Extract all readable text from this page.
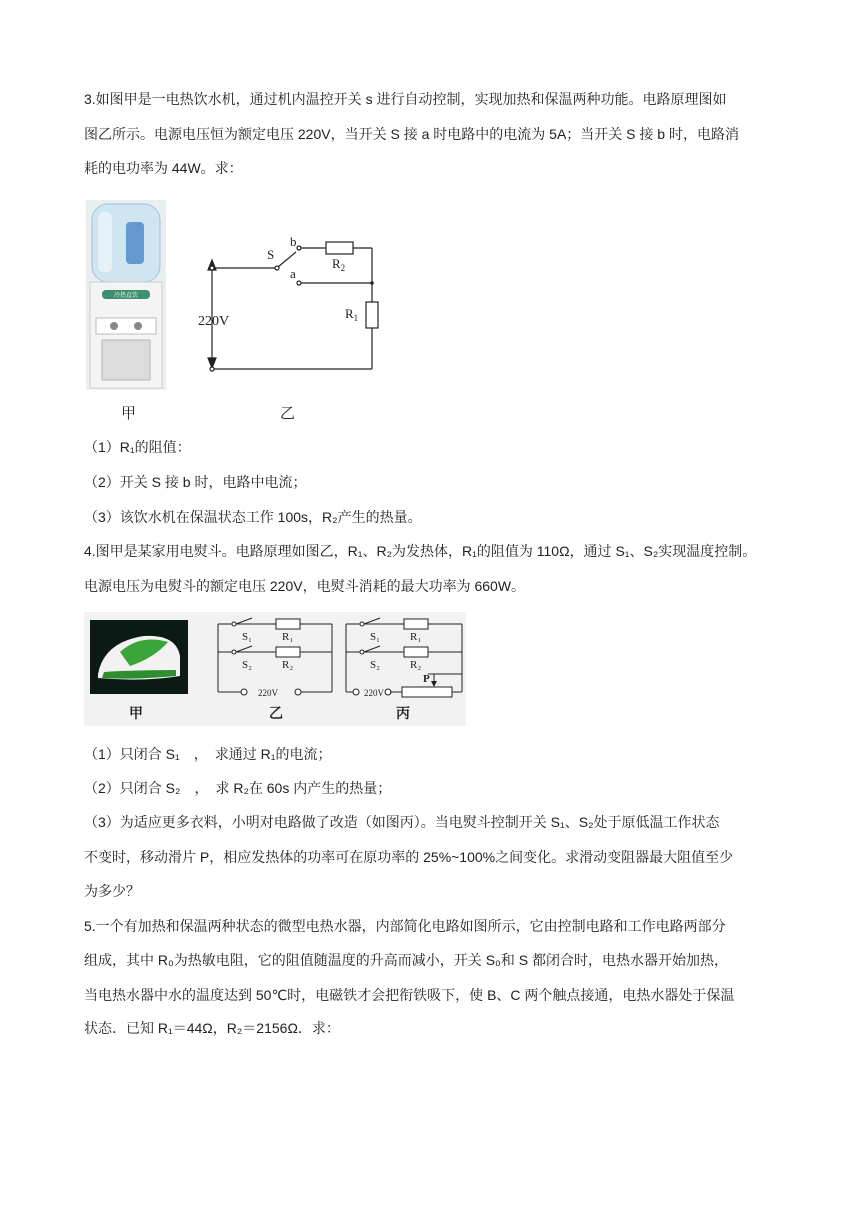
3.如图甲是一电热饮水机，通过机内温控开关 s 进行自动控制，实现加热和保温两种功能。电路原理图如
图乙所示。电源电压恒为额定电压 220V，当开关 S 接 a 时电路中的电流为 5A；当开关 S 接 b 时，电路消
耗的电功率为 44W。求：
冷热直饮
甲
220V
S
b
a
$R_2$
$R_1$
乙
（1）R₁的阻值：
（2）开关 S 接 b 时，电路中电流；
（3）该饮水机在保温状态工作 100s，R₂产生的热量。
4.图甲是某家用电熨斗。电路原理如图乙，R₁、R₂为发热体，R₁的阻值为 110Ω，通过 S₁、S₂实现温度控制。
电源电压为电熨斗的额定电压 220V，电熨斗消耗的最大功率为 660W。
甲
S₁	R₁
S₂	R₂
220V
乙
S₁	R₁
S₂	R₂
220V
P
丙
（1）只闭合 S₁　，　求通过 R₁的电流；
（2）只闭合 S₂　，　求 R₂在 60s 内产生的热量；
（3）为适应更多衣料，小明对电路做了改造（如图丙）。当电熨斗控制开关 S₁、S₂处于原低温工作状态
不变时，移动滑片 P，相应发热体的功率可在原功率的 25%~100%之间变化。求滑动变阻器最大阻值至少
为多少？
5.一个有加热和保温两种状态的微型电热水器，内部简化电路如图所示，它由控制电路和工作电路两部分
组成，其中 R₀为热敏电阻，它的阻值随温度的升高而减小，开关 S₀和 S 都闭合时，电热水器开始加热，
当电热水器中水的温度达到 50℃时，电磁铁才会把衔铁吸下，使 B、C 两个触点接通，电热水器处于保温
状态．已知 R₁＝44Ω，R₂＝2156Ω．求：
